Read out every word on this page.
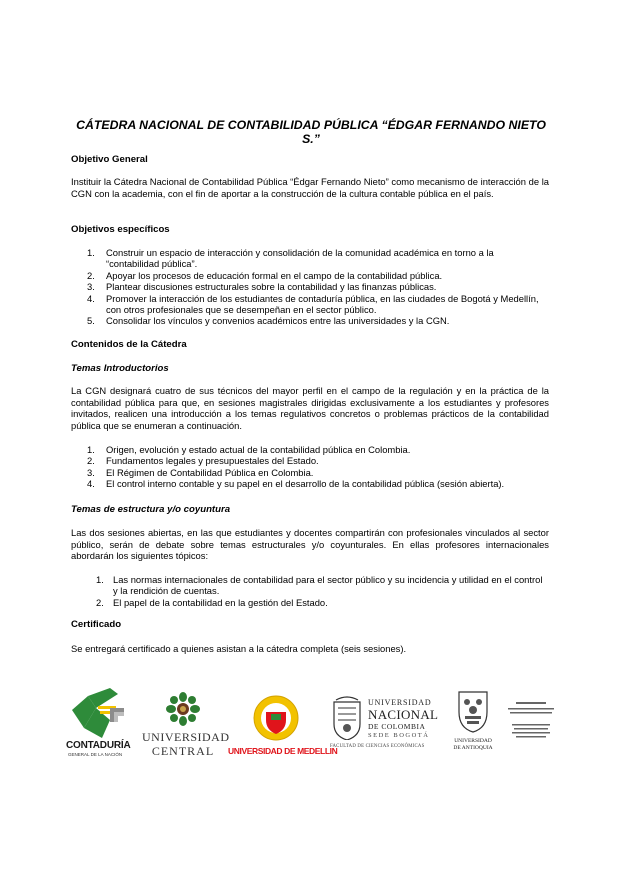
CÁTEDRA NACIONAL DE CONTABILIDAD PÚBLICA “ÉDGAR FERNANDO NIETO S.”
Objetivo General
Instituir la Cátedra Nacional de Contabilidad Pública “Édgar Fernando Nieto” como mecanismo de interacción de la CGN con la academia, con el fin de aportar a la construcción de la cultura contable pública en el país.
Objetivos específicos
1. Construir un espacio de interacción y consolidación de la comunidad académica en torno a la “contabilidad pública”.
2. Apoyar los procesos de educación formal en el campo de la contabilidad pública.
3. Plantear discusiones estructurales sobre la contabilidad y las finanzas públicas.
4. Promover la interacción de los estudiantes de contaduría pública, en las ciudades de Bogotá y Medellín, con otros profesionales que se desempeñan en el sector público.
5. Consolidar los vínculos y convenios académicos entre las universidades y la CGN.
Contenidos de la Cátedra
Temas Introductorios
La CGN designará cuatro de sus técnicos del mayor perfil en el campo de la regulación y en la práctica de la contabilidad pública para que, en sesiones magistrales dirigidas exclusivamente a los estudiantes y profesores invitados, realicen una introducción a los temas regulativos concretos o problemas prácticos de la contabilidad pública que se enumeran a continuación.
1. Origen, evolución y estado actual de la contabilidad pública en Colombia.
2. Fundamentos legales y presupuestales del Estado.
3. El Régimen de Contabilidad Pública en Colombia.
4. El control interno contable y su papel en el desarrollo de la contabilidad pública (sesión abierta).
Temas de estructura y/o coyuntura
Las dos sesiones abiertas, en las que estudiantes y docentes compartirán con profesionales vinculados al sector público, serán de debate sobre temas estructurales y/o coyunturales. En ellas profesores internacionales abordarán los siguientes tópicos:
1. Las normas internacionales de contabilidad para el sector público y su incidencia y utilidad en el control y la rendición de cuentas.
2. El papel de la contabilidad en la gestión del Estado.
Certificado
Se entregará certificado a quienes asistan a la cátedra completa (seis sesiones).
CONTADURÍA
GENERAL DE LA NACIÓN
UNIVERSIDAD
CENTRAL	UNIVERSIDAD DE MEDELLIN
UNIVERSIDAD
NACIONAL
DE COLOMBIA
SEDE BOGOTÁ
FACULTAD DE CIENCIAS ECONÓMICAS
UNIVERSIDAD
DE ANTIOQUIA
